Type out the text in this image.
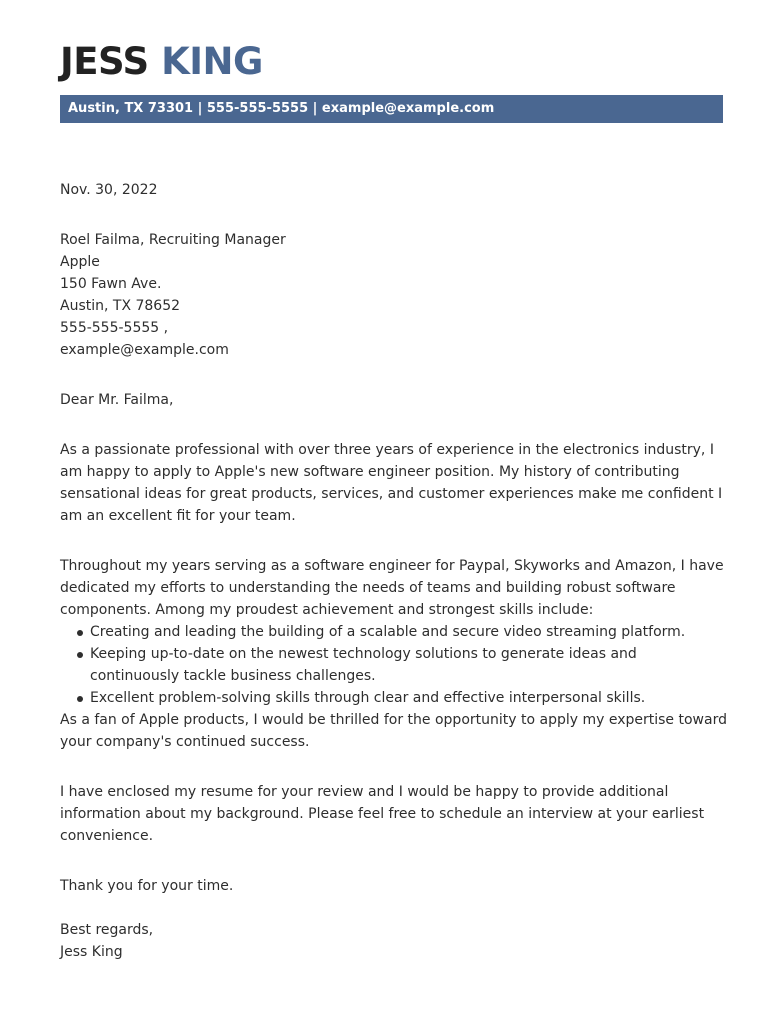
JESS KING
Austin, TX 73301 | 555-555-5555 | example@example.com

Nov. 30, 2022

Roel Failma, Recruiting Manager

Apple

150 Fawn Ave.

Austin, TX 78652

555-555-5555 ,

example@example.com

Dear Mr. Failma,

As a passionate professional with over three years of experience in the electronics industry, I am happy to apply to Apple's new software engineer position. My history of contributing sensational ideas for great products, services, and customer experiences make me confident I am an excellent fit for your team.

Throughout my years serving as a software engineer for Paypal, Skyworks and Amazon, I have dedicated my efforts to understanding the needs of teams and building robust software components. Among my proudest achievement and strongest skills include:

Creating and leading the building of a scalable and secure video streaming platform.
Keeping up-to-date on the newest technology solutions to generate ideas and continuously tackle business challenges.
Excellent problem-solving skills through clear and effective interpersonal skills.

As a fan of Apple products, I would be thrilled for the opportunity to apply my expertise toward your company's continued success.

I have enclosed my resume for your review and I would be happy to provide additional information about my background. Please feel free to schedule an interview at your earliest convenience.

Thank you for your time.

Best regards,

Jess King
